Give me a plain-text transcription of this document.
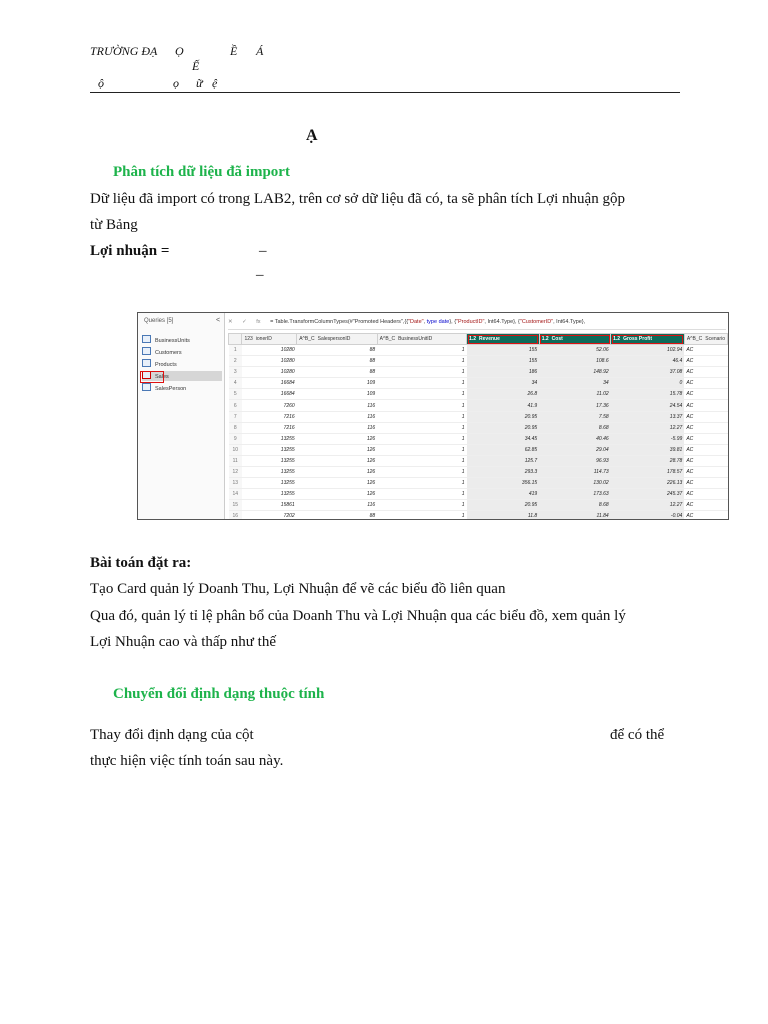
TRƯỜNG ĐẠ Ọ	Ề Á
Ế
ộ	ọ ữ ệ
Ạ
Phân tích dữ liệu đã import
Dữ liệu đã import có trong LAB2, trên cơ sở dữ liệu đã có, ta sẽ phân tích Lợi nhuận gộp
từ Bảng
Lợi nhuận =	–
–
Queries [5]	<
BusinessUnits
Customers
Products
Sales
SalesPerson
✕ ✓ fx = Table.TransformColumnTypes(#"Promoted Headers",{{"Date", type date}, {"ProductID", Int64.Type}, {"CustomerID", Int64.Type},
	123 ionerID	A^B_C SalespersonID	A^B_C BusinessUnitID	1.2 Revenue	1.2 Cost	1.2 Gross Profit	A^B_C Scenario
1	10280	88	1	155	52.06	102.94	AC
2	10280	88	1	155	108.6	46.4	AC
3	10280	88	1	186	148.92	37.08	AC
4	16684	109	1	34	34	0	AC
5	16684	109	1	26.8	11.02	15.78	AC
6	7260	116	1	41.9	17.36	24.54	AC
7	7216	116	1	20.95	7.58	13.37	AC
8	7216	116	1	20.95	8.68	12.27	AC
9	13255	126	1	34.45	40.46	-5.99	AC
10	13255	126	1	62.85	29.04	39.81	AC
11	13255	126	1	125.7	96.93	28.78	AC
12	13255	126	1	293.3	114.73	178.57	AC
13	13255	126	1	356.15	130.02	226.13	AC
14	13255	126	1	419	173.63	245.37	AC
15	15861	116	1	20.95	8.68	12.27	AC
16	7202	88	1	11.8	11.84	-0.04	AC
Bài toán đặt ra:
Tạo Card quản lý Doanh Thu, Lợi Nhuận để vẽ các biểu đồ liên quan
Qua đó, quản lý tỉ lệ phân bổ của Doanh Thu và Lợi Nhuận qua các biểu đồ, xem quản lý
Lợi Nhuận cao và thấp như thế
Chuyển đổi định dạng thuộc tính
Thay đổi định dạng của cột	để có thể
thực hiện việc tính toán sau này.
